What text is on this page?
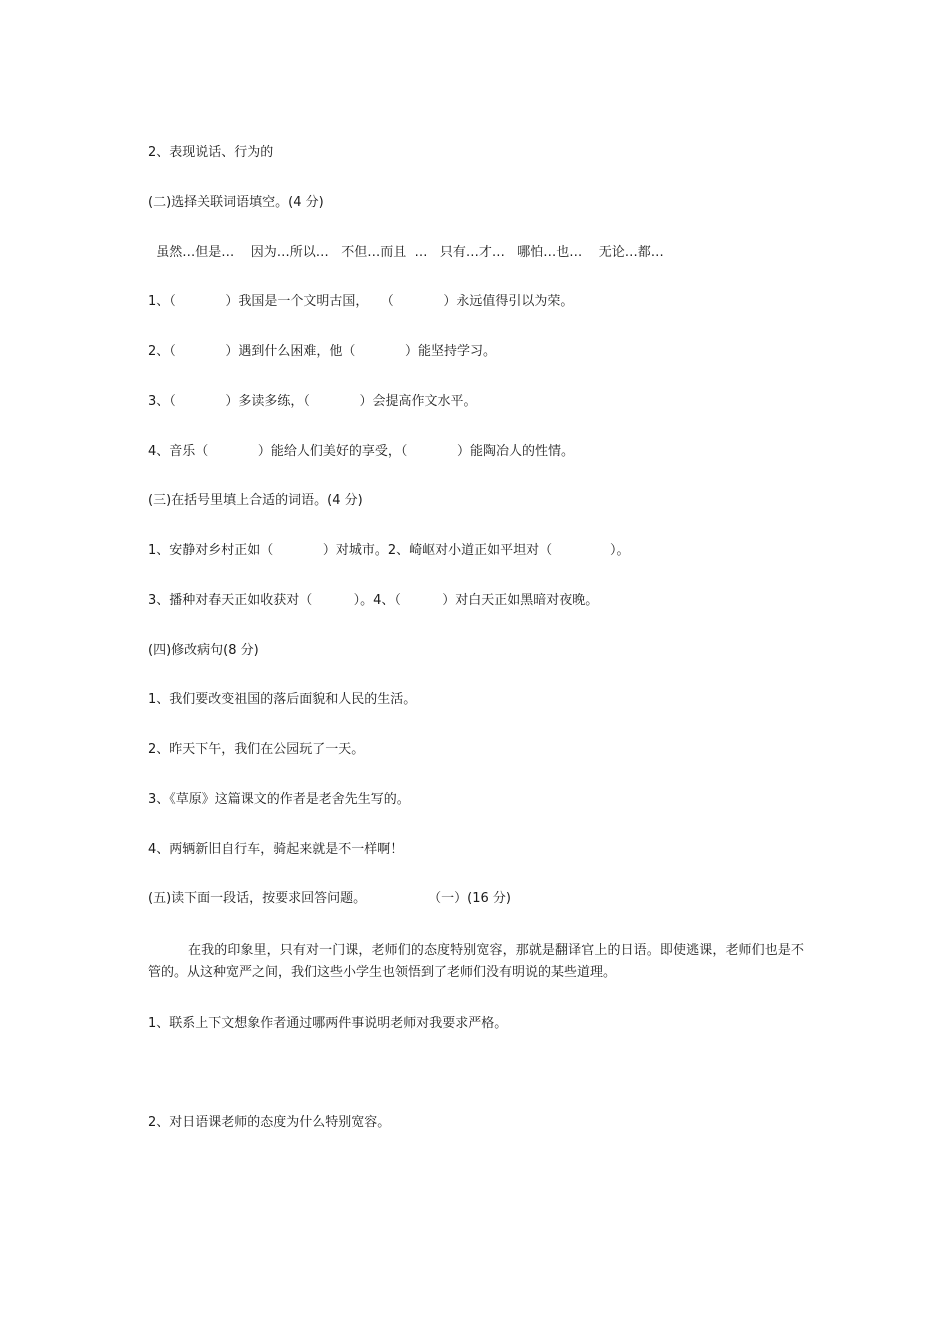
2、表现说话、行为的
(二)选择关联词语填空。(4 分)
虽然…但是…    因为…所以…   不但…而且  …   只有…才…   哪怕…也…    无论…都…
1、（            ）我国是一个文明古国，   （            ）永远值得引以为荣。
2、（            ）遇到什么困难，他（            ）能坚持学习。
3、（            ）多读多练，（            ）会提高作文水平。
4、音乐（            ）能给人们美好的享受，（            ）能陶冶人的性情。
(三)在括号里填上合适的词语。(4 分)
1、安静对乡村正如（            ）对城市。2、崎岖对小道正如平坦对（              ）。
3、播种对春天正如收获对（          ）。4、（          ）对白天正如黑暗对夜晚。
(四)修改病句(8 分)
1、我们要改变祖国的落后面貌和人民的生活。
2、昨天下午，我们在公园玩了一天。
3、《草原》这篇课文的作者是老舍先生写的。
4、两辆新旧自行车，骑起来就是不一样啊！
(五)读下面一段话，按要求回答问题。               （一）(16 分)
在我的印象里，只有对一门课，老师们的态度特别宽容，那就是翻译官上的日语。即使逃课，老师们也是不管的。从这种宽严之间，我们这些小学生也领悟到了老师们没有明说的某些道理。
1、联系上下文想象作者通过哪两件事说明老师对我要求严格。
2、对日语课老师的态度为什么特别宽容。
